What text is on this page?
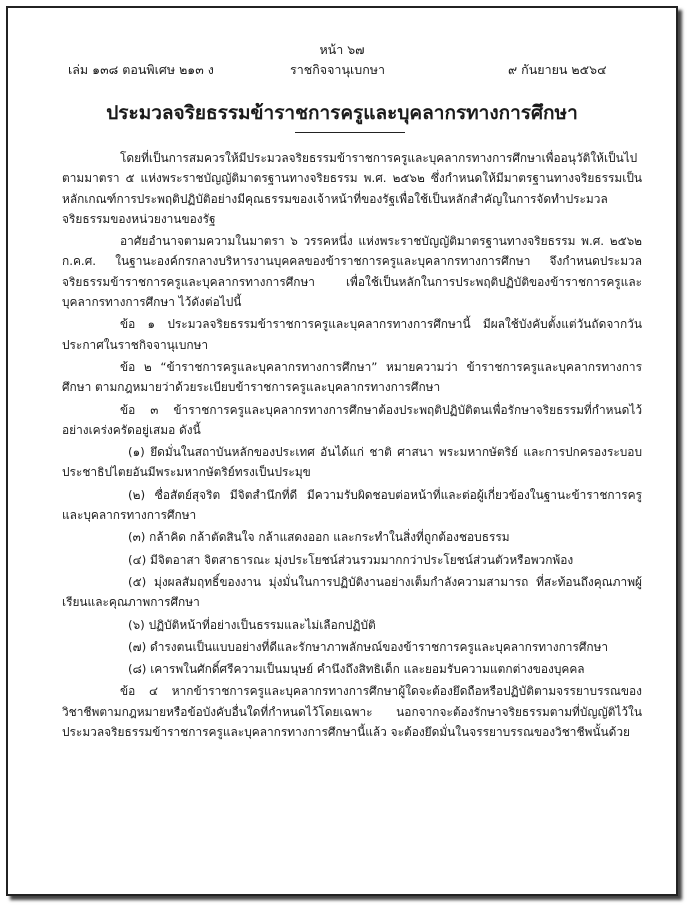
หน้า ๖๗
เล่ม ๑๓๘ ตอนพิเศษ ๒๑๓ ง	ราชกิจจานุเบกษา	๙ กันยายน ๒๕๖๔
ประมวลจริยธรรมข้าราชการครูและบุคลากรทางการศึกษา

โดยที่เป็นการสมควรให้มีประมวลจริยธรรมข้าราชการครูและบุคลากรทางการศึกษาเพื่ออนุวัติให้เป็นไปตามมาตรา ๕ แห่งพระราชบัญญัติมาตรฐานทางจริยธรรม พ.ศ. ๒๕๖๒ ซึ่งกำหนดให้มีมาตรฐานทางจริยธรรมเป็นหลักเกณฑ์การประพฤติปฏิบัติอย่างมีคุณธรรมของเจ้าหน้าที่ของรัฐเพื่อใช้เป็นหลักสำคัญในการจัดทำประมวลจริยธรรมของหน่วยงานของรัฐ

อาศัยอำนาจตามความในมาตรา ๖ วรรคหนึ่ง แห่งพระราชบัญญัติมาตรฐานทางจริยธรรม พ.ศ. ๒๕๖๒ ก.ค.ศ. ในฐานะองค์กรกลางบริหารงานบุคคลของข้าราชการครูและบุคลากรทางการศึกษา จึงกำหนดประมวลจริยธรรมข้าราชการครูและบุคลากรทางการศึกษา เพื่อใช้เป็นหลักในการประพฤติปฏิบัติของข้าราชการครูและบุคลากรทางการศึกษา ไว้ดังต่อไปนี้

ข้อ ๑ ประมวลจริยธรรมข้าราชการครูและบุคลากรทางการศึกษานี้ มีผลใช้บังคับตั้งแต่วันถัดจากวันประกาศในราชกิจจานุเบกษา

ข้อ ๒ “ข้าราชการครูและบุคลากรทางการศึกษา” หมายความว่า ข้าราชการครูและบุคลากรทางการศึกษา ตามกฎหมายว่าด้วยระเบียบข้าราชการครูและบุคลากรทางการศึกษา

ข้อ ๓ ข้าราชการครูและบุคลากรทางการศึกษาต้องประพฤติปฏิบัติตนเพื่อรักษาจริยธรรมที่กำหนดไว้อย่างเคร่งครัดอยู่เสมอ ดังนี้

(๑) ยึดมั่นในสถาบันหลักของประเทศ อันได้แก่ ชาติ ศาสนา พระมหากษัตริย์ และการปกครองระบอบประชาธิปไตยอันมีพระมหากษัตริย์ทรงเป็นประมุข

(๒) ซื่อสัตย์สุจริต มีจิตสำนึกที่ดี มีความรับผิดชอบต่อหน้าที่และต่อผู้เกี่ยวข้องในฐานะข้าราชการครูและบุคลากรทางการศึกษา

(๓) กล้าคิด กล้าตัดสินใจ กล้าแสดงออก และกระทำในสิ่งที่ถูกต้องชอบธรรม

(๔) มีจิตอาสา จิตสาธารณะ มุ่งประโยชน์ส่วนรวมมากกว่าประโยชน์ส่วนตัวหรือพวกพ้อง

(๕) มุ่งผลสัมฤทธิ์ของงาน มุ่งมั่นในการปฏิบัติงานอย่างเต็มกำลังความสามารถ ที่สะท้อนถึงคุณภาพผู้เรียนและคุณภาพการศึกษา

(๖) ปฏิบัติหน้าที่อย่างเป็นธรรมและไม่เลือกปฏิบัติ

(๗) ดำรงตนเป็นแบบอย่างที่ดีและรักษาภาพลักษณ์ของข้าราชการครูและบุคลากรทางการศึกษา

(๘) เคารพในศักดิ์ศรีความเป็นมนุษย์ คำนึงถึงสิทธิเด็ก และยอมรับความแตกต่างของบุคคล

ข้อ ๔ หากข้าราชการครูและบุคลากรทางการศึกษาผู้ใดจะต้องยึดถือหรือปฏิบัติตามจรรยาบรรณของวิชาชีพตามกฎหมายหรือข้อบังคับอื่นใดที่กำหนดไว้โดยเฉพาะ นอกจากจะต้องรักษาจริยธรรมตามที่บัญญัติไว้ในประมวลจริยธรรมข้าราชการครูและบุคลากรทางการศึกษานี้แล้ว จะต้องยึดมั่นในจรรยาบรรณของวิชาชีพนั้นด้วย
